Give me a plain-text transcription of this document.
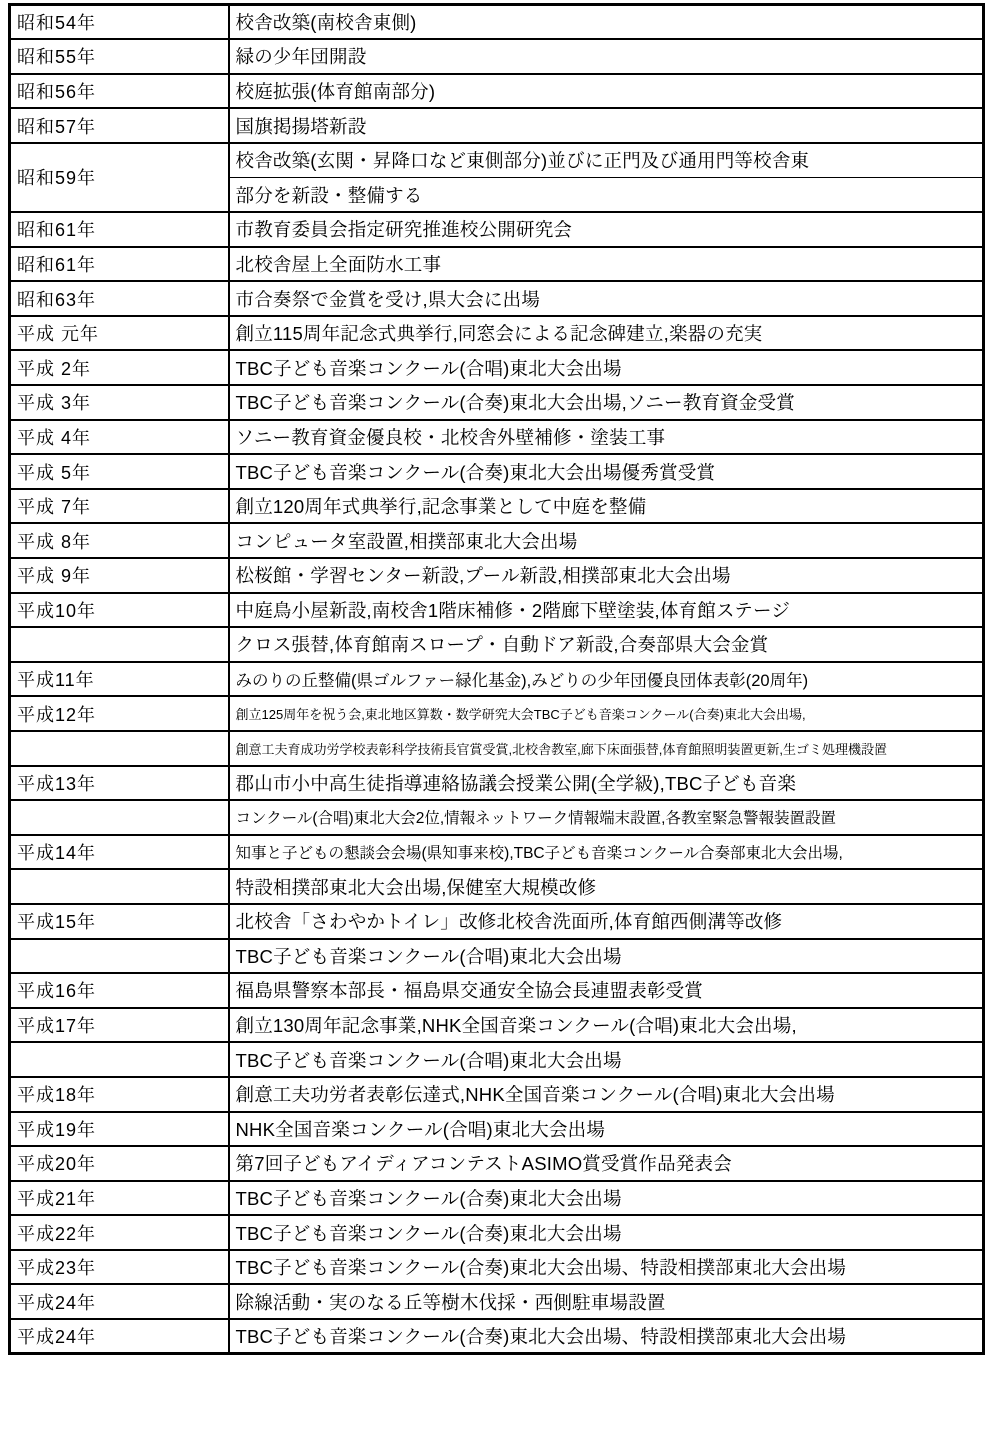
昭和54年	校舎改築(南校舎東側)
昭和55年	緑の少年団開設
昭和56年	校庭拡張(体育館南部分)
昭和57年	国旗掲揚塔新設
昭和59年	校舎改築(玄関・昇降口など東側部分)並びに正門及び通用門等校舎東
	部分を新設・整備する
昭和61年	市教育委員会指定研究推進校公開研究会
昭和61年	北校舎屋上全面防水工事
昭和63年	市合奏祭で金賞を受け,県大会に出場
平成 元年	創立115周年記念式典挙行,同窓会による記念碑建立,楽器の充実
平成 2年	TBC子ども音楽コンクール(合唱)東北大会出場
平成 3年	TBC子ども音楽コンクール(合奏)東北大会出場,ソニー教育資金受賞
平成 4年	ソニー教育資金優良校・北校舎外壁補修・塗装工事
平成 5年	TBC子ども音楽コンクール(合奏)東北大会出場優秀賞受賞
平成 7年	創立120周年式典挙行,記念事業として中庭を整備
平成 8年	コンピュータ室設置,相撲部東北大会出場
平成 9年	松桜館・学習センター新設,プール新設,相撲部東北大会出場
平成10年	中庭鳥小屋新設,南校舎1階床補修・2階廊下壁塗装,体育館ステージ
	クロス張替,体育館南スロープ・自動ドア新設,合奏部県大会金賞
平成11年	みのりの丘整備(県ゴルファー緑化基金),みどりの少年団優良団体表彰(20周年)
平成12年	創立125周年を祝う会,東北地区算数・数学研究大会TBC子ども音楽コンクール(合奏)東北大会出場,
	創意工夫育成功労学校表彰科学技術長官賞受賞,北校舎教室,廊下床面張替,体育館照明装置更新,生ゴミ処理機設置
平成13年	郡山市小中高生徒指導連絡協議会授業公開(全学級),TBC子ども音楽
	コンクール(合唱)東北大会2位,情報ネットワーク情報端末設置,各教室緊急警報装置設置
平成14年	知事と子どもの懇談会会場(県知事来校),TBC子ども音楽コンクール合奏部東北大会出場,
	特設相撲部東北大会出場,保健室大規模改修
平成15年	北校舎「さわやかトイレ」改修北校舎洗面所,体育館西側溝等改修
	TBC子ども音楽コンクール(合唱)東北大会出場
平成16年	福島県警察本部長・福島県交通安全協会長連盟表彰受賞
平成17年	創立130周年記念事業,NHK全国音楽コンクール(合唱)東北大会出場,
	TBC子ども音楽コンクール(合唱)東北大会出場
平成18年	創意工夫功労者表彰伝達式,NHK全国音楽コンクール(合唱)東北大会出場
平成19年	NHK全国音楽コンクール(合唱)東北大会出場
平成20年	第7回子どもアイディアコンテストASIMO賞受賞作品発表会
平成21年	TBC子ども音楽コンクール(合奏)東北大会出場
平成22年	TBC子ども音楽コンクール(合奏)東北大会出場
平成23年	TBC子ども音楽コンクール(合奏)東北大会出場、特設相撲部東北大会出場
平成24年	除線活動・実のなる丘等樹木伐採・西側駐車場設置
平成24年	TBC子ども音楽コンクール(合奏)東北大会出場、特設相撲部東北大会出場
